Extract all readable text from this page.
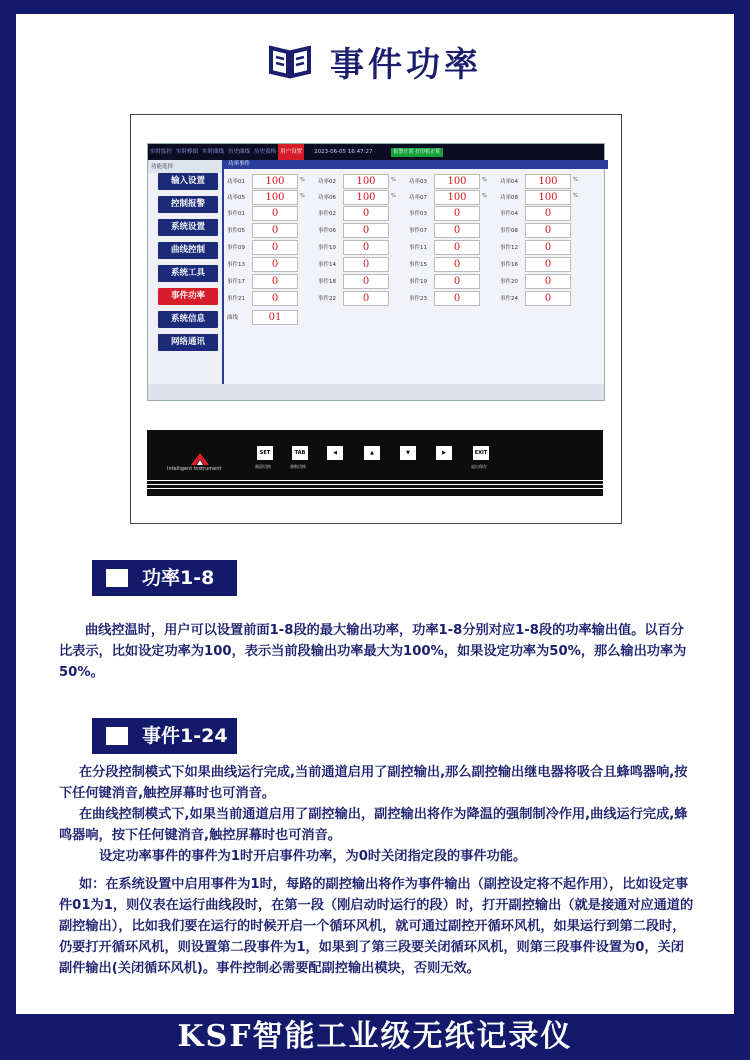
事件功率
实时监控 实时棒图 实时曲线 历史曲线 历史表格 用户设置	2023-06-05 16:47:27	报警正常 打印机正常
功能选择
输入设置
控制报警
系统设置
曲线控制
系统工具
事件功率
系统信息
网络通讯
功率事件
功率01	100	% 功率02	100	% 功率03	100	% 功率04	100	%
功率05	100	% 功率06	100	% 功率07	100	% 功率08	100	%
事件01	0	事件02	0	事件03	0	事件04	0
事件05	0	事件06	0	事件07	0	事件08	0
事件09	0	事件10	0	事件11	0	事件12	0
事件13	0	事件14	0	事件15	0	事件16	0
事件17	0	事件18	0	事件19	0	事件20	0
事件21	0	事件22	0	事件23	0	事件24	0
曲线	01
Intelligent Instrument
SET
画面切换
TAB
参数切换
◀	▲	▼	▶	EXIT
退出保存
功率1-8

曲线控温时，用户可以设置前面1-8段的最大输出功率，功率1-8分别对应1-8段的功率输出值。以百分比表示，比如设定功率为100，表示当前段输出功率最大为100%，如果设定功率为50%，那么输出功率为50%。

事件1-24

在分段控制模式下如果曲线运行完成,当前通道启用了副控输出,那么副控输出继电器将吸合且蜂鸣器响,按下任何键消音,触控屏幕时也可消音。

在曲线控制模式下,如果当前通道启用了副控输出，副控输出将作为降温的强制制冷作用,曲线运行完成,蜂鸣器响，按下任何键消音,触控屏幕时也可消音。

设定功率事件的事件为1时开启事件功率，为0时关闭指定段的事件功能。

如：在系统设置中启用事件为1时，每路的副控输出将作为事件输出（副控设定将不起作用），比如设定事件01为1，则仪表在运行曲线段时，在第一段（刚启动时运行的段）时，打开副控输出（就是接通对应通道的副控输出），比如我们要在运行的时候开启一个循环风机，就可通过副控开循环风机，如果运行到第二段时，仍要打开循环风机，则设置第二段事件为1，如果到了第三段要关闭循环风机，则第三段事件设置为0，关闭副件输出(关闭循环风机)。事件控制必需要配副控输出模块，否则无效。

KSF智能工业级无纸记录仪
